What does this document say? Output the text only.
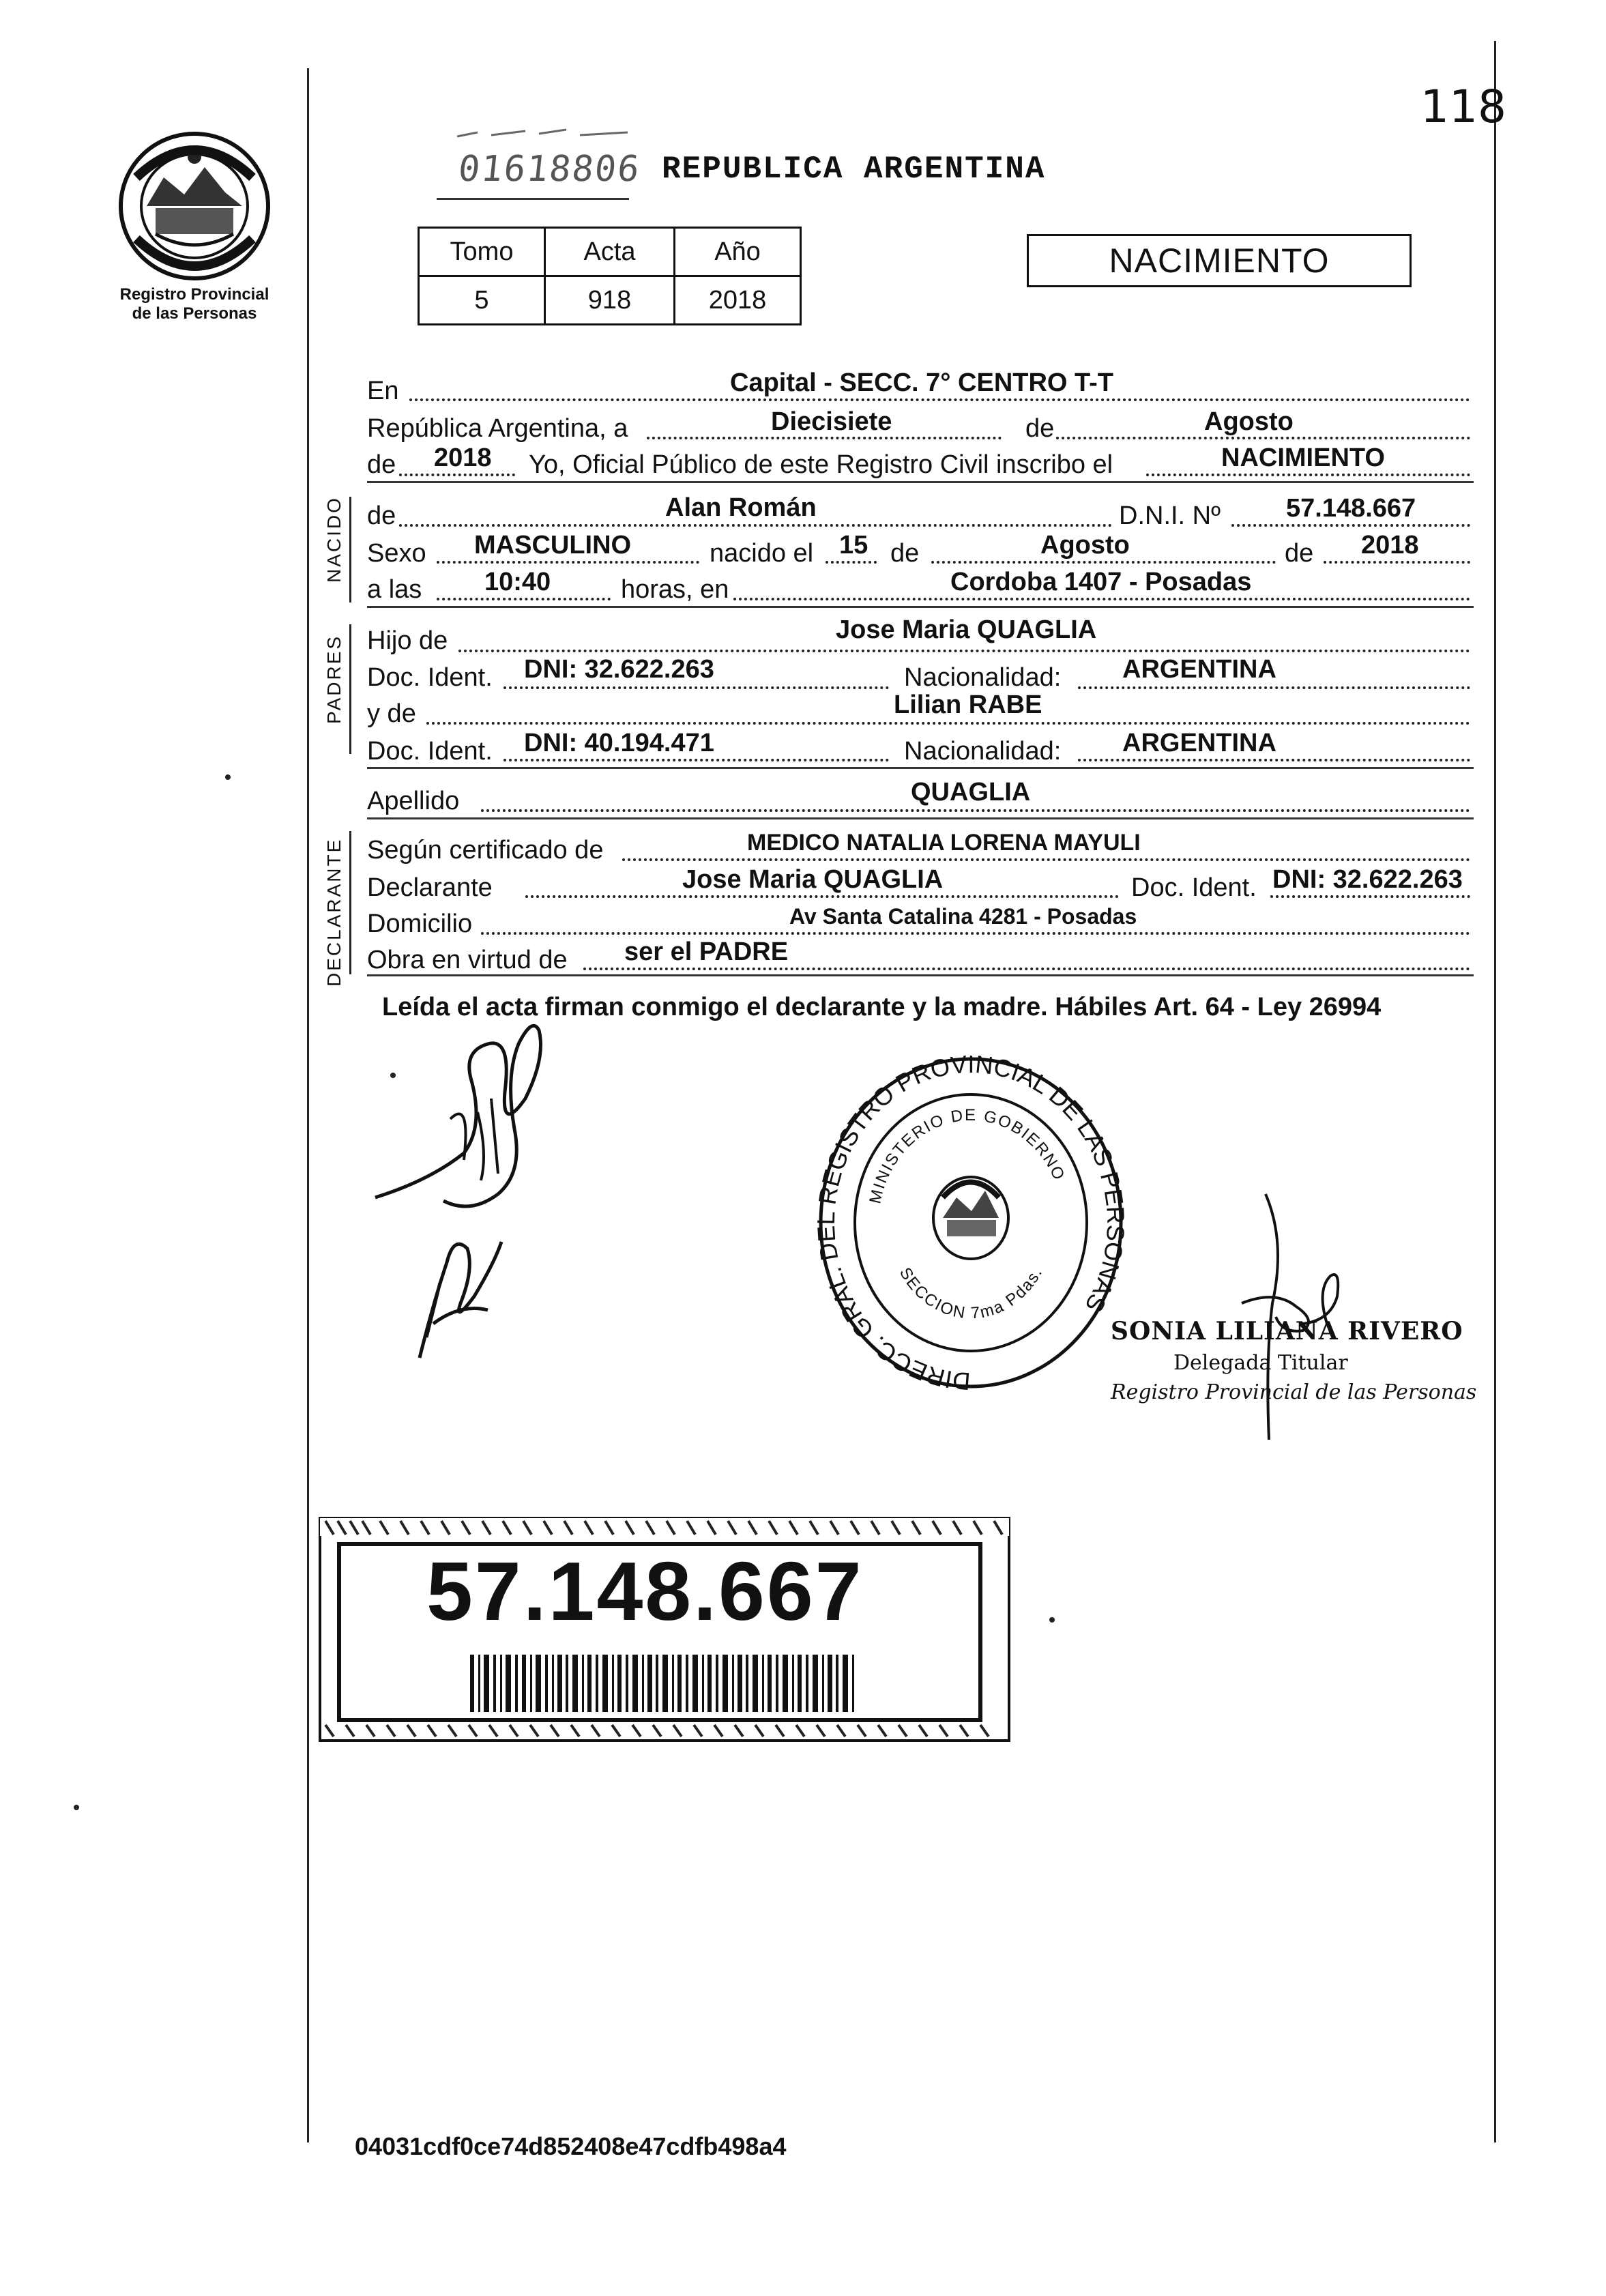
Registro Provincial
de las Personas
118
01618806 REPUBLICA ARGENTINA
Tomo	Acta	Año
5	918	2018
NACIMIENTO
En	Capital - SECC. 7° CENTRO T-T
República Argentina, a	Diecisiete	de	Agosto
de 2018 Yo, Oficial Público de este Registro Civil inscribo el	NACIMIENTO
NACIDO de	Alan Román	D.N.I. Nº	57.148.667
Sexo MASCULINO	nacido el 15 de	Agosto	de 2018
a las 10:40	horas, en	Cordoba 1407 - Posadas
PADRES Hijo de	Jose Maria QUAGLIA
Doc. Ident. DNI: 32.622.263	Nacionalidad: ARGENTINA
y de	Lilian RABE
Doc. Ident. DNI: 40.194.471	Nacionalidad: ARGENTINA
Apellido	QUAGLIA
DECLARANTE Según certificado de	MEDICO NATALIA LORENA MAYULI
Declarante	Jose Maria QUAGLIA	Doc. Ident. DNI: 32.622.263
Domicilio	Av Santa Catalina 4281 - Posadas
Obra en virtud de ser el PADRE
Leída el acta firman conmigo el declarante y la madre. Hábiles Art. 64 - Ley 26994
DIRECC. GRAL. DEL REGISTRO PROVINCIAL DE LAS PERSONAS
MINISTERIO DE GOBIERNO
SECCION 7ma Pdas.
SONIA LILIANA RIVERO
Delegada Titular
Registro Provincial de las Personas
57.148.667
04031cdf0ce74d852408e47cdfb498a4
